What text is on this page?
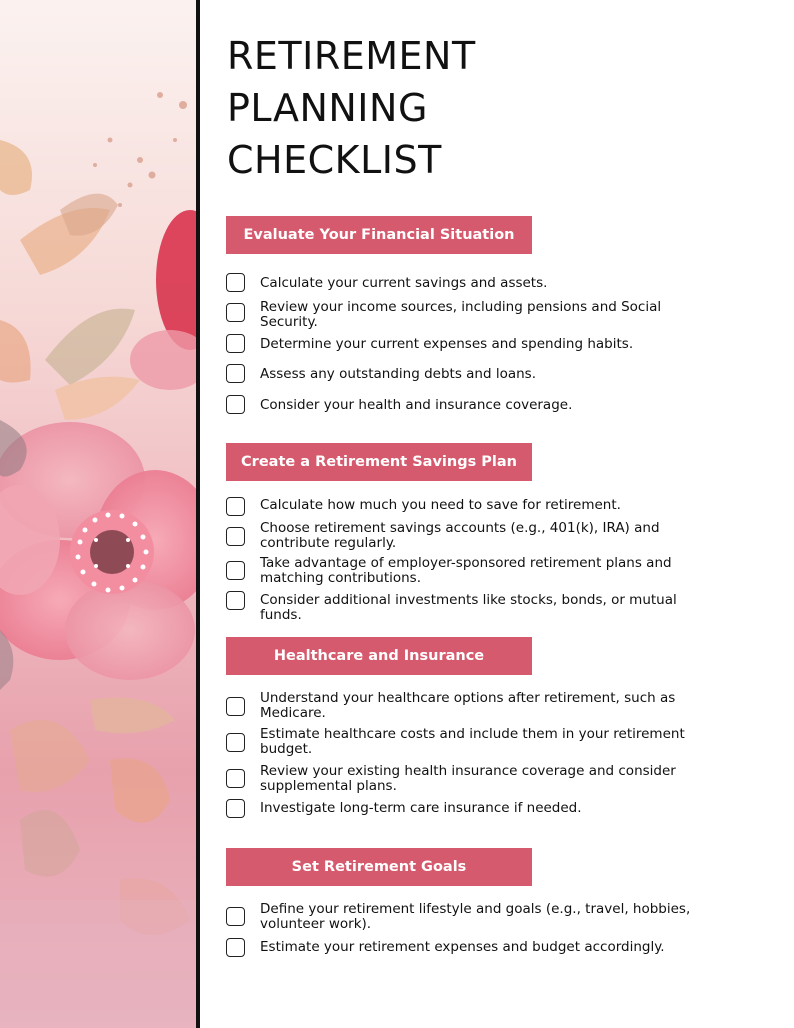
RETIREMENT
PLANNING
CHECKLIST
Evaluate Your Financial Situation
Calculate your current savings and assets.
Review your income sources, including pensions and Social Security.
Determine your current expenses and spending habits.
Assess any outstanding debts and loans.
Consider your health and insurance coverage.
Create a Retirement Savings Plan
Calculate how much you need to save for retirement.
Choose retirement savings accounts (e.g., 401(k), IRA) and contribute regularly.
Take advantage of employer-sponsored retirement plans and matching contributions.
Consider additional investments like stocks, bonds, or mutual funds.
Healthcare and Insurance
Understand your healthcare options after retirement, such as Medicare.
Estimate healthcare costs and include them in your retirement budget.
Review your existing health insurance coverage and consider supplemental plans.
Investigate long-term care insurance if needed.
Set Retirement Goals
Define your retirement lifestyle and goals (e.g., travel, hobbies, volunteer work).
Estimate your retirement expenses and budget accordingly.
